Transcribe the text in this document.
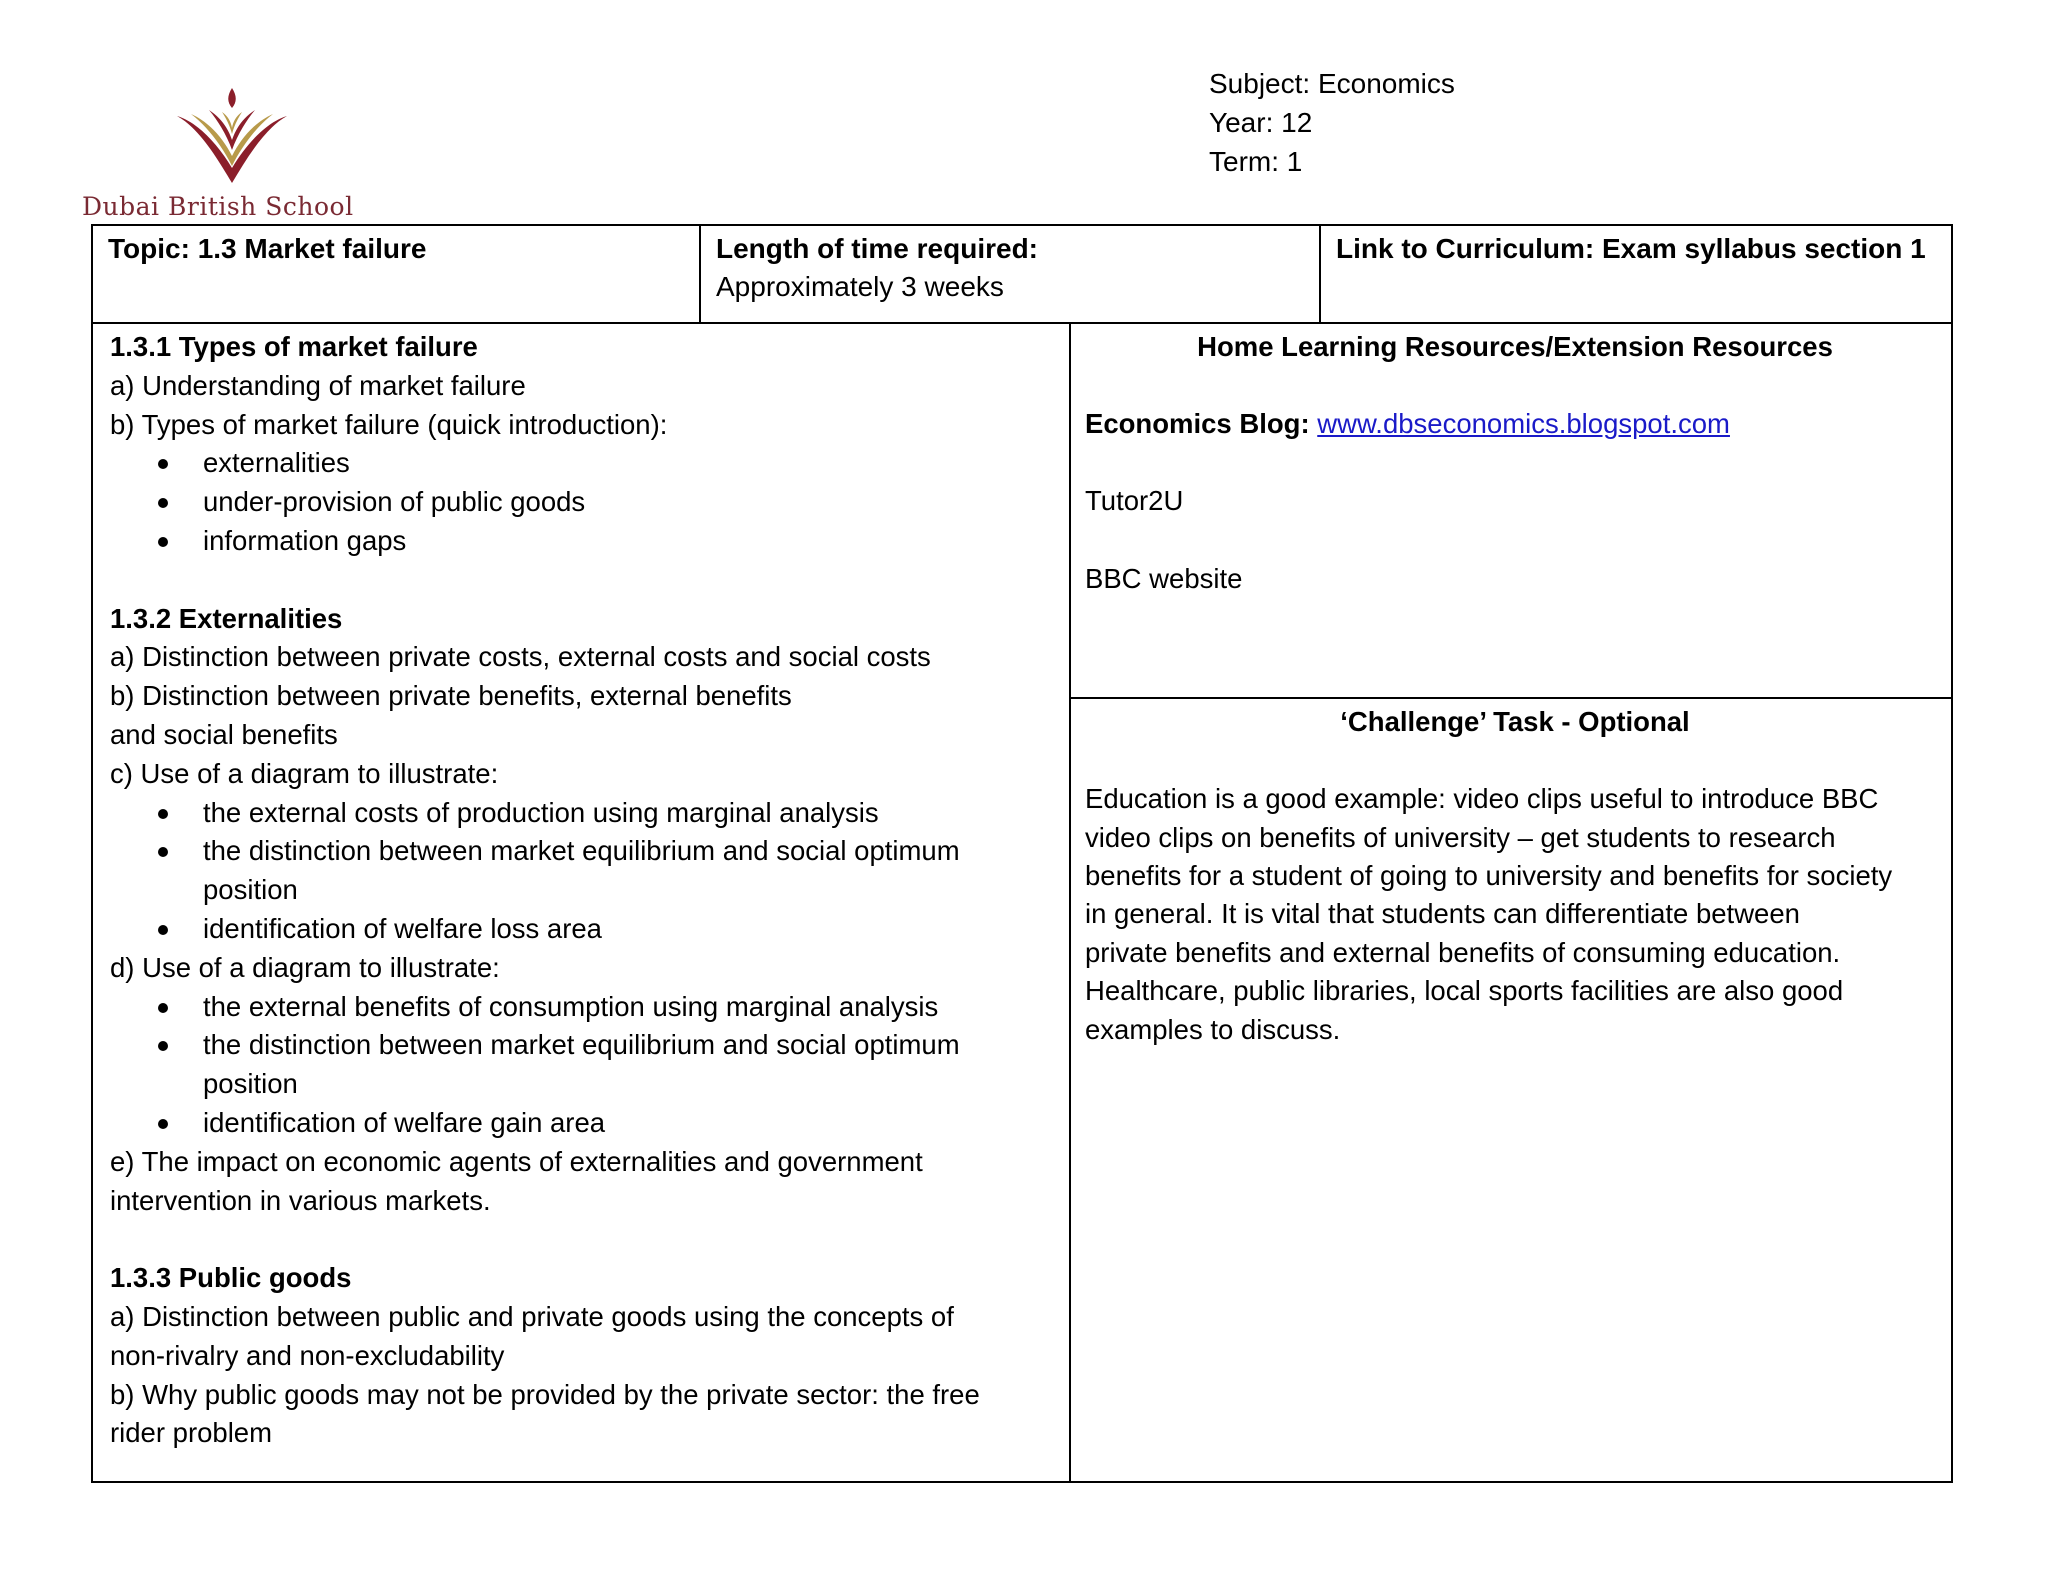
Dubai British School
Subject: Economics
Year: 12
Term: 1
Topic: 1.3 Market failure	Length of time required:
Approximately 3 weeks
Link to Curriculum: Exam syllabus section 1
1.3.1 Types of market failure
a) Understanding of market failure
b) Types of market failure (quick introduction):
externalities
under-provision of public goods
information gaps
1.3.2 Externalities
a) Distinction between private costs, external costs and social costs
b) Distinction between private benefits, external benefits
and social benefits
c) Use of a diagram to illustrate:
the external costs of production using marginal analysis
the distinction between market equilibrium and social optimum
position
identification of welfare loss area
d) Use of a diagram to illustrate:
the external benefits of consumption using marginal analysis
the distinction between market equilibrium and social optimum
position
identification of welfare gain area
e) The impact on economic agents of externalities and government
intervention in various markets.
1.3.3 Public goods
a) Distinction between public and private goods using the concepts of
non-rivalry and non-excludability
b) Why public goods may not be provided by the private sector: the free
rider problem
Home Learning Resources/Extension Resources
Economics Blog: www.dbseconomics.blogspot.com
Tutor2U
BBC website
‘Challenge’ Task - Optional
Education is a good example: video clips useful to introduce BBC
video clips on benefits of university – get students to research
benefits for a student of going to university and benefits for society
in general. It is vital that students can differentiate between
private benefits and external benefits of consuming education.
Healthcare, public libraries, local sports facilities are also good
examples to discuss.
